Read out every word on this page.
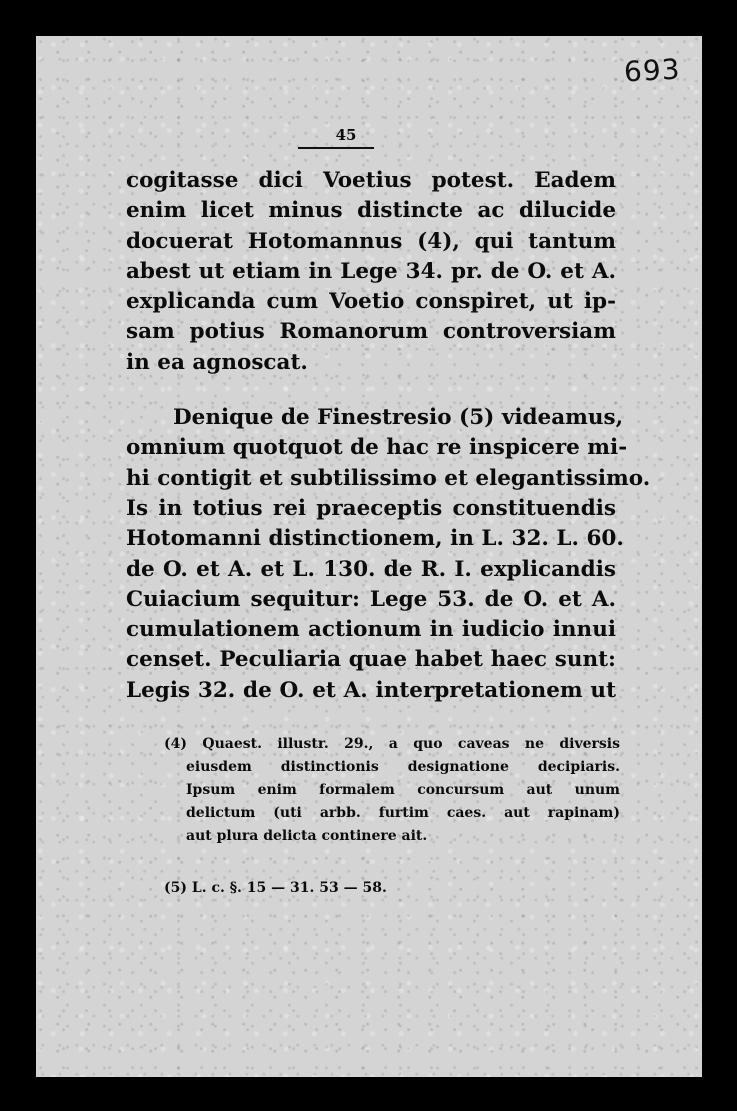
693
45
cogitasse dici Voetius potest. Eadem
enim licet minus distincte ac dilucide
docuerat Hotomannus (4), qui tantum
abest ut etiam in Lege 34. pr. de O. et A.
explicanda cum Voetio conspiret, ut ip-
sam potius Romanorum controversiam
in ea agnoscat.
Denique de Finestresio (5) videamus,
omnium quotquot de hac re inspicere mi-
hi contigit et subtilissimo et elegantissimo.
Is in totius rei praeceptis constituendis
Hotomanni distinctionem, in L. 32. L. 60.
de O. et A. et L. 130. de R. I. explicandis
Cuiacium sequitur: Lege 53. de O. et A.
cumulationem actionum in iudicio innui
censet. Peculiaria quae habet haec sunt:
Legis 32. de O. et A. interpretationem ut
(4) Quaest. illustr. 29., a quo caveas ne diversis
eiusdem distinctionis designatione decipiaris.
Ipsum enim formalem concursum aut unum
delictum (uti arbb. furtim caes. aut rapinam)
aut plura delicta continere ait.
(5) L. c. §. 15 — 31. 53 — 58.
